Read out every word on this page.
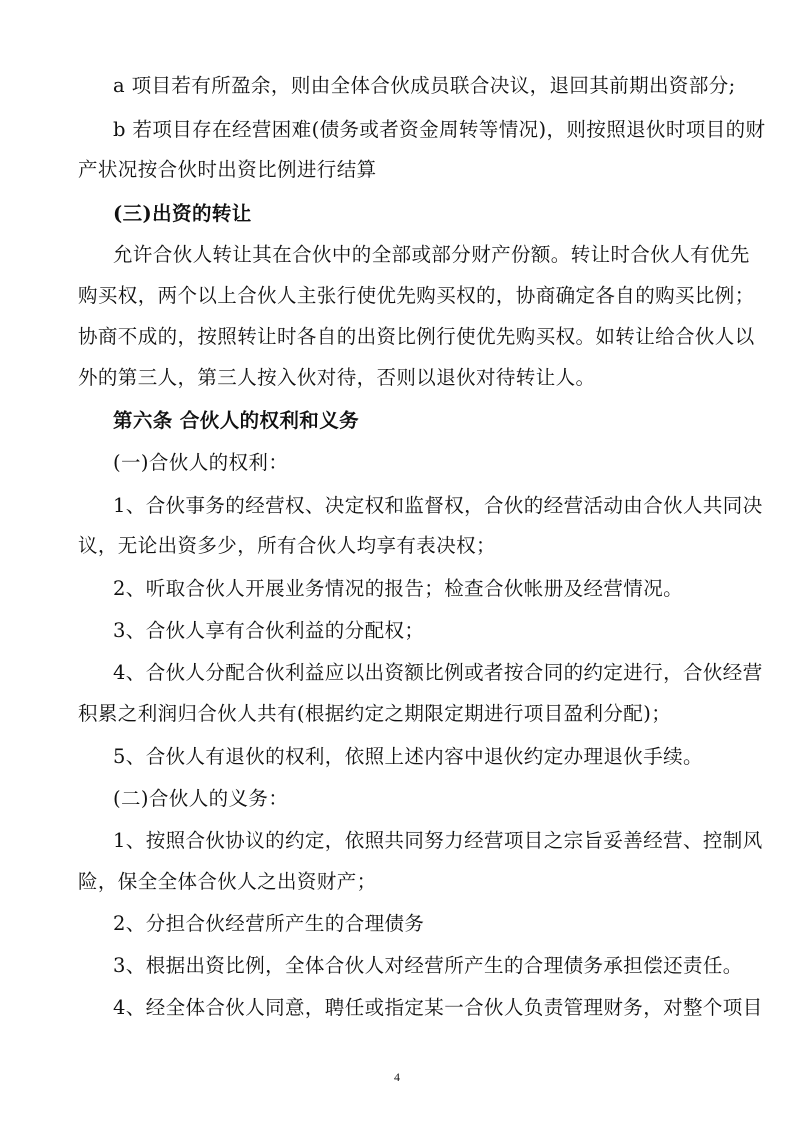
a 项目若有所盈余，则由全体合伙成员联合决议，退回其前期出资部分;
b 若项目存在经营困难(债务或者资金周转等情况)，则按照退伙时项目的财
产状况按合伙时出资比例进行结算
(三)出资的转让
允许合伙人转让其在合伙中的全部或部分财产份额。转让时合伙人有优先
购买权，两个以上合伙人主张行使优先购买权的，协商确定各自的购买比例；
协商不成的，按照转让时各自的出资比例行使优先购买权。如转让给合伙人以
外的第三人，第三人按入伙对待，否则以退伙对待转让人。
第六条 合伙人的权利和义务
(一)合伙人的权利：
1、合伙事务的经营权、决定权和监督权，合伙的经营活动由合伙人共同决
议，无论出资多少，所有合伙人均享有表决权；
2、听取合伙人开展业务情况的报告；检查合伙帐册及经营情况。
3、合伙人享有合伙利益的分配权；
4、合伙人分配合伙利益应以出资额比例或者按合同的约定进行，合伙经营
积累之利润归合伙人共有(根据约定之期限定期进行项目盈利分配)；
5、合伙人有退伙的权利，依照上述内容中退伙约定办理退伙手续。
(二)合伙人的义务：
1、按照合伙协议的约定，依照共同努力经营项目之宗旨妥善经营、控制风
险，保全全体合伙人之出资财产；
2、分担合伙经营所产生的合理债务
3、根据出资比例，全体合伙人对经营所产生的合理债务承担偿还责任。
4、经全体合伙人同意，聘任或指定某一合伙人负责管理财务，对整个项目
4
